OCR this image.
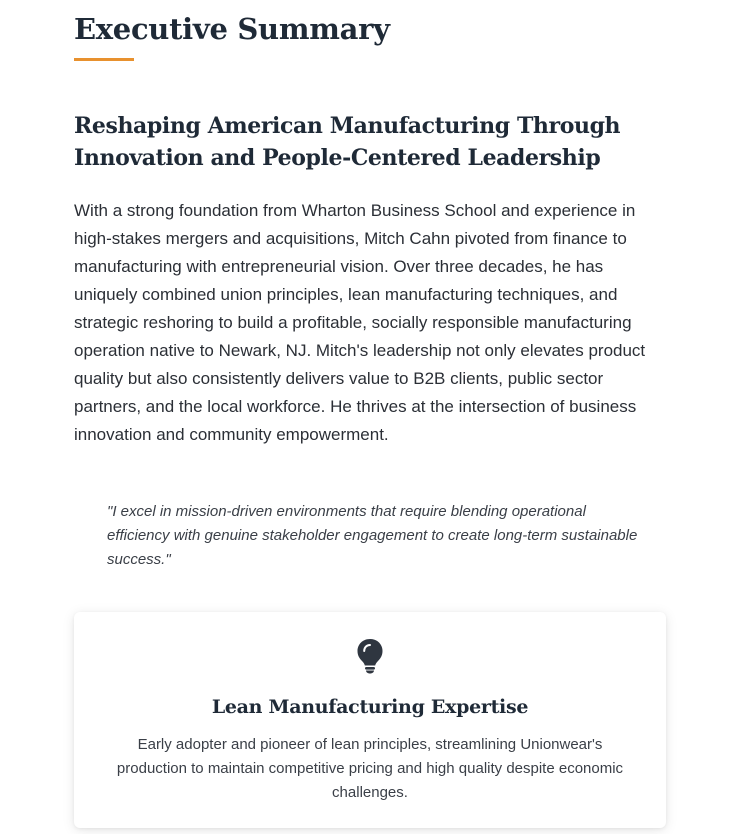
Executive Summary
Reshaping American Manufacturing Through Innovation and People-Centered Leadership

With a strong foundation from Wharton Business School and experience in high-stakes mergers and acquisitions, Mitch Cahn pivoted from finance to manufacturing with entrepreneurial vision. Over three decades, he has uniquely combined union principles, lean manufacturing techniques, and strategic reshoring to build a profitable, socially responsible manufacturing operation native to Newark, NJ. Mitch's leadership not only elevates product quality but also consistently delivers value to B2B clients, public sector partners, and the local workforce. He thrives at the intersection of business innovation and community empowerment.

"I excel in mission-driven environments that require blending operational efficiency with genuine stakeholder engagement to create long-term sustainable success."
Lean Manufacturing Expertise

Early adopter and pioneer of lean principles, streamlining Unionwear's production to maintain competitive pricing and high quality despite economic challenges.
